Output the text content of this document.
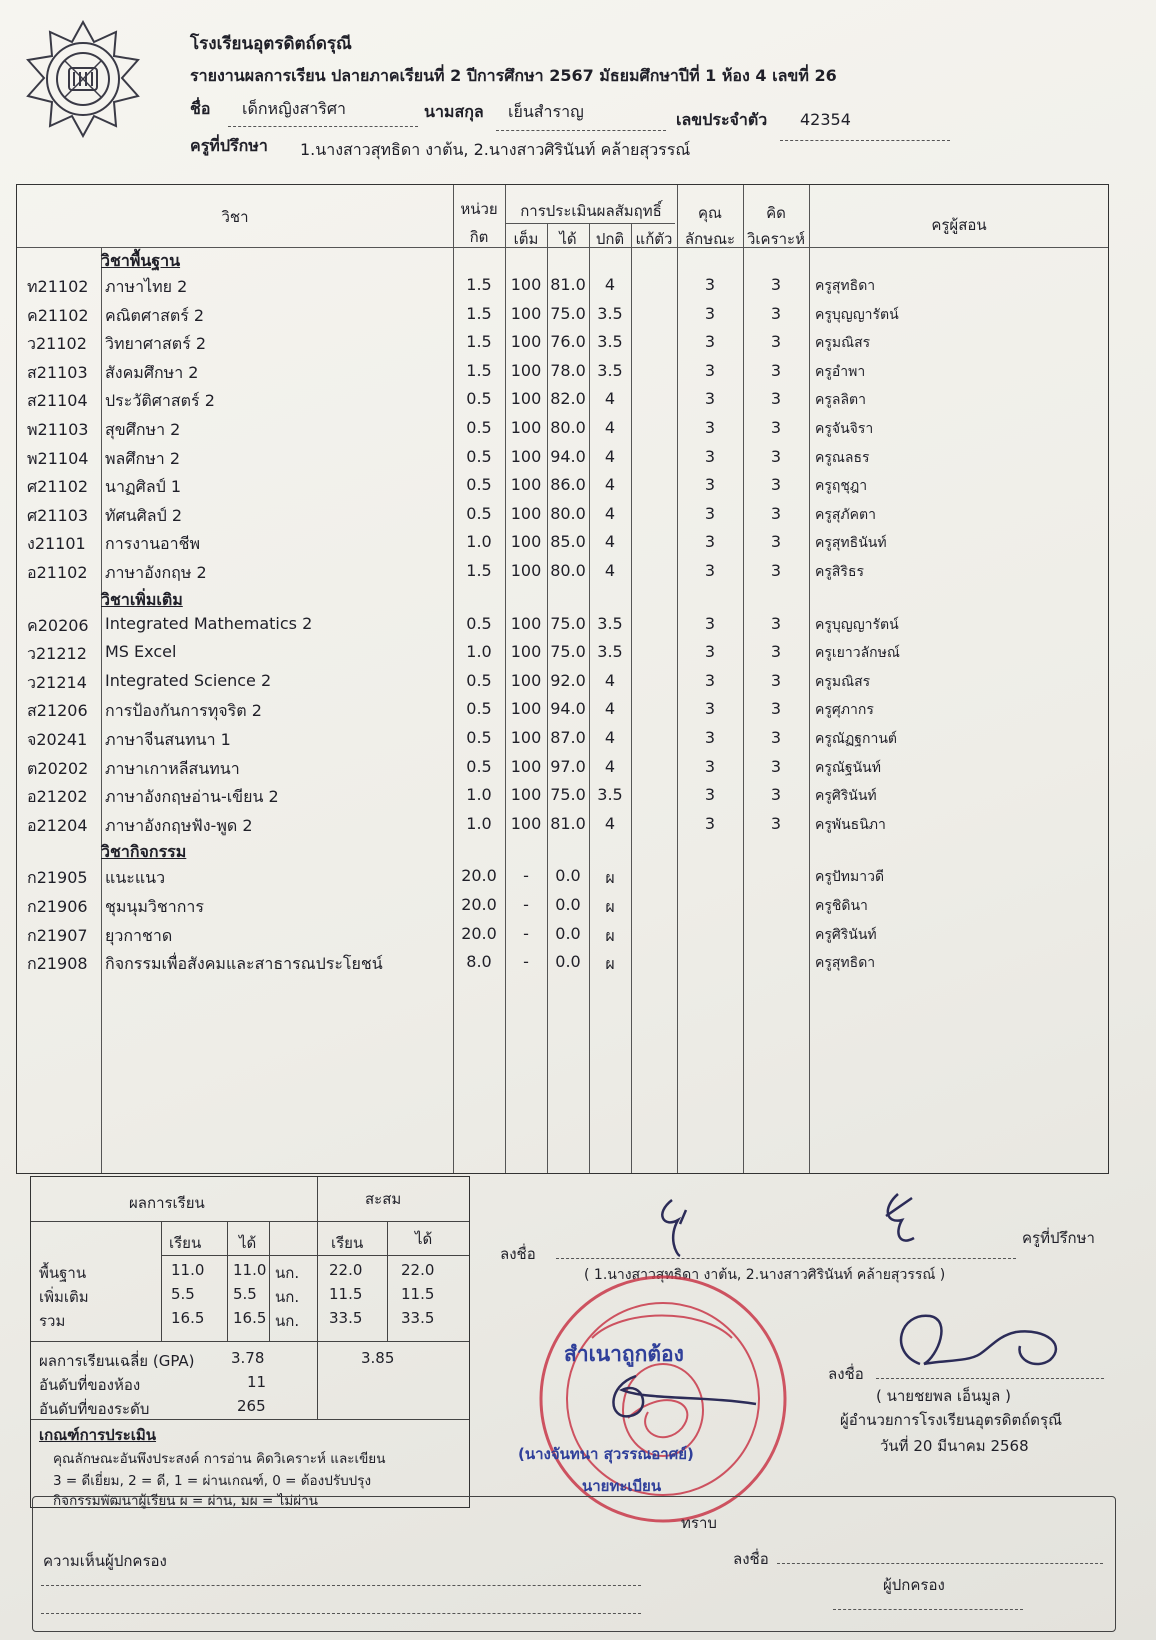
โรงเรียนอุตรดิตถ์ดรุณี
รายงานผลการเรียน ปลายภาคเรียนที่ 2 ปีการศึกษา 2567 มัธยมศึกษาปีที่ 1 ห้อง 4 เลขที่ 26
ชื่อ เด็กหญิงสาริศา	นามสกุล เย็นสำราญ	เลขประจำตัว 42354
ครูที่ปรึกษา 1.นางสาวสุทธิดา งาต้น, 2.นางสาวศิรินันท์ คล้ายสุวรรณ์
วิชา	หน่วย
กิต
การประเมินผลสัมฤทธิ์
เต็ม	ได้	ปกติ แก้ตัว
คุณ
ลักษณะ
คิด
วิเคราะห์
ครูผู้สอน
วิชาพื้นฐาน
ท21102 ภาษาไทย 2	1.5	100 81.0	4	3	3	ครูสุทธิดา
ค21102 คณิตศาสตร์ 2	1.5	100 75.0 3.5	3	3	ครูบุญญารัตน์
ว21102 วิทยาศาสตร์ 2	1.5	100 76.0 3.5	3	3	ครูมณิสร
ส21103 สังคมศึกษา 2	1.5	100 78.0 3.5	3	3	ครูอำพา
ส21104 ประวัติศาสตร์ 2	0.5	100 82.0	4	3	3	ครูลลิตา
พ21103 สุขศึกษา 2	0.5	100 80.0	4	3	3	ครูจันจิรา
พ21104 พลศึกษา 2	0.5	100 94.0	4	3	3	ครูณลธร
ศ21102 นาฏศิลป์ 1	0.5	100 86.0	4	3	3	ครูฤชุฎา
ศ21103 ทัศนศิลป์ 2	0.5	100 80.0	4	3	3	ครูสุภัคตา
ง21101 การงานอาชีพ	1.0	100 85.0	4	3	3	ครูสุทธินันท์
อ21102 ภาษาอังกฤษ 2	1.5	100 80.0	4	3	3	ครูสิริธร
วิชาเพิ่มเติม
ค20206 Integrated Mathematics 2	0.5	100 75.0 3.5	3	3	ครูบุญญารัตน์
ว21212 MS Excel	1.0	100 75.0 3.5	3	3	ครูเยาวลักษณ์
ว21214 Integrated Science 2	0.5	100 92.0	4	3	3	ครูมณิสร
ส21206 การป้องกันการทุจริต 2	0.5	100 94.0	4	3	3	ครูศุภากร
จ20241 ภาษาจีนสนทนา 1	0.5	100 87.0	4	3	3	ครูณัฏฐกานต์
ต20202 ภาษาเกาหลีสนทนา	0.5	100 97.0	4	3	3	ครูณัฐนันท์
อ21202 ภาษาอังกฤษอ่าน-เขียน 2	1.0	100 75.0 3.5	3	3	ครูศิรินันท์
อ21204 ภาษาอังกฤษฟัง-พูด 2	1.0	100 81.0	4	3	3	ครูพันธนิภา
วิชากิจกรรม
ก21905 แนะแนว	20.0	-	0.0	ผ	ครูปัทมาวดี
ก21906 ชุมนุมวิชาการ	20.0	-	0.0	ผ	ครูชิดินา
ก21907 ยุวกาชาด	20.0	-	0.0	ผ	ครูศิรินันท์
ก21908 กิจกรรมเพื่อสังคมและสาธารณประโยชน์	8.0	-	0.0	ผ	ครูสุทธิดา
ผลการเรียน	สะสม
เรียน	ได้	เรียน	ได้
พื้นฐาน	11.0 11.0 นก. 22.0	22.0
เพิ่มเติม	5.5	5.5 นก. 11.5	11.5
รวม	16.5 16.5 นก. 33.5	33.5
ผลการเรียนเฉลี่ย (GPA) 3.78	3.85
อันดับที่ของห้อง	11
อันดับที่ของระดับ	265
เกณฑ์การประเมิน
คุณลักษณะอันพึงประสงค์ การอ่าน คิดวิเคราะห์ และเขียน
3 = ดีเยี่ยม, 2 = ดี, 1 = ผ่านเกณฑ์, 0 = ต้องปรับปรุง
กิจกรรมพัฒนาผู้เรียน ผ = ผ่าน, มผ = ไม่ผ่าน
ลงชื่อ
ครูที่ปรึกษา
( 1.นางสาวสุทธิดา งาต้น, 2.นางสาวศิรินันท์ คล้ายสุวรรณ์ )
ลงชื่อ
( นายชยพล เอ็นมูล )
ผู้อำนวยการโรงเรียนอุตรดิตถ์ดรุณี
วันที่ 20 มีนาคม 2568
สำเนาถูกต้อง
(นางจันทนา สุวรรณอาศย์)
นายทะเบียน
ทราบ
ความเห็นผู้ปกครอง	ลงชื่อ
ผู้ปกครอง
